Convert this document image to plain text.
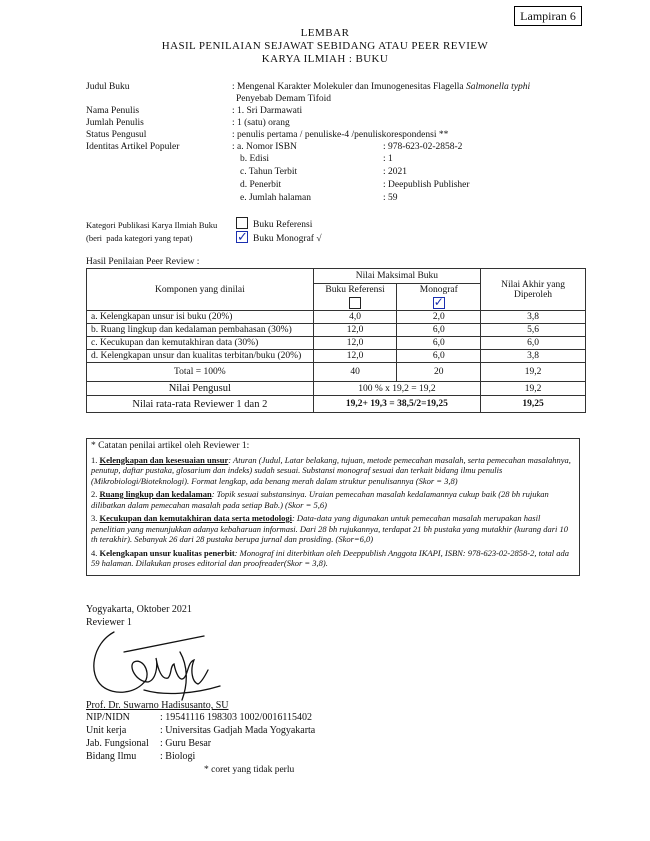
Lampiran 6
LEMBAR
HASIL PENILAIAN SEJAWAT SEBIDANG ATAU PEER REVIEW
KARYA ILMIAH : BUKU
Judul Buku	: Mengenal Karakter Molekuler dan Imunogenesitas Flagella Salmonella typhi
Penyebab Demam Tifoid
Nama Penulis	: 1. Sri Darmawati
Jumlah Penulis	: 1 (satu) orang
Status Pengusul	: penulis pertama / penuliske-4 /penuliskorespondensi **
Identitas Artikel Populer	: a. Nomor ISBN	: 978-623-02-2858-2
b. Edisi	: 1
c. Tahun Terbit	: 2021
d. Penerbit	: Deepublish Publisher
e. Jumlah halaman	: 59
Kategori Publikasi Karya Ilmiah Buku
(beri  pada kategori yang tepat)
Buku Referensi
✓ Buku Monograf √
Hasil Penilaian Peer Review :
Komponen yang dinilai	Nilai Maksimal Buku		Nilai Akhir yang Diperoleh

	Buku Referensi	Monograf
✓	
a. Kelengkapan unsur isi buku (20%)	4,0	2,0	3,8
b. Ruang lingkup dan kedalaman pembahasan (30%)	12,0	6,0	5,6
c. Kecukupan dan kemutakhiran data (30%)	12,0	6,0	6,0
d. Kelengkapan unsur dan kualitas terbitan/buku (20%)	12,0	6,0	3,8
Total = 100%	40	20	19,2
Nilai Pengusul	100 % x 19,2 = 19,2		19,2
Nilai rata-rata Reviewer 1 dan 2	19,2+ 19,3 = 38,5/2=19,25		19,25

* Catatan penilai artikel oleh Reviewer 1:

1. Kelengkapan dan kesesuaian unsur: Aturan (Judul, Latar belakang, tujuan, metode pemecahan masalah, serta pemecahan masalahnya, penutup, daftar pustaka, glosarium dan indeks) sudah sesuai. Substansi monograf sesuai dan terkait bidang ilmu penulis (Mikrobiologi/Bioteknologi). Format lengkap, ada benang merah dalam struktur penulisannya (Skor = 3,8)

2. Ruang lingkup dan kedalaman: Topik sesuai substansinya. Uraian pemecahan masalah kedalamannya cukup baik (28 bh rujukan dilibatkan dalam pemecahan masalah pada setiap Bab.) (Skor = 5,6)

3. Kecukupan dan kemutakhiran data serta metodologi: Data-data yang digunakan untuk pemecahan masalah merupakan hasil penelitian yang menunjukkan adanya kebaharuan informasi. Dari 28 bh rujukannya, terdapat 21 bh pustaka yang mutakhir (kurang dari 10 th terakhir). Sebanyak 26 dari 28 pustaka berupa jurnal dan prosiding. (Skor=6,0)

4. Kelengkapan unsur kualitas penerbit: Monograf ini diterbitkan oleh Deeppublish Anggota IKAPI, ISBN: 978-623-02-2858-2, total ada 59 halaman. Dilakukan proses editorial dan proofreader(Skor = 3,8).

Yogyakarta, Oktober 2021
Reviewer 1
Prof. Dr. Suwarno Hadisusanto, SU
NIP/NIDN	: 19541116 198303 1002/0016115402
Unit kerja	: Universitas Gadjah Mada Yogyakarta
Jab. Fungsional : Guru Besar
Bidang Ilmu : Biologi
* coret yang tidak perlu
